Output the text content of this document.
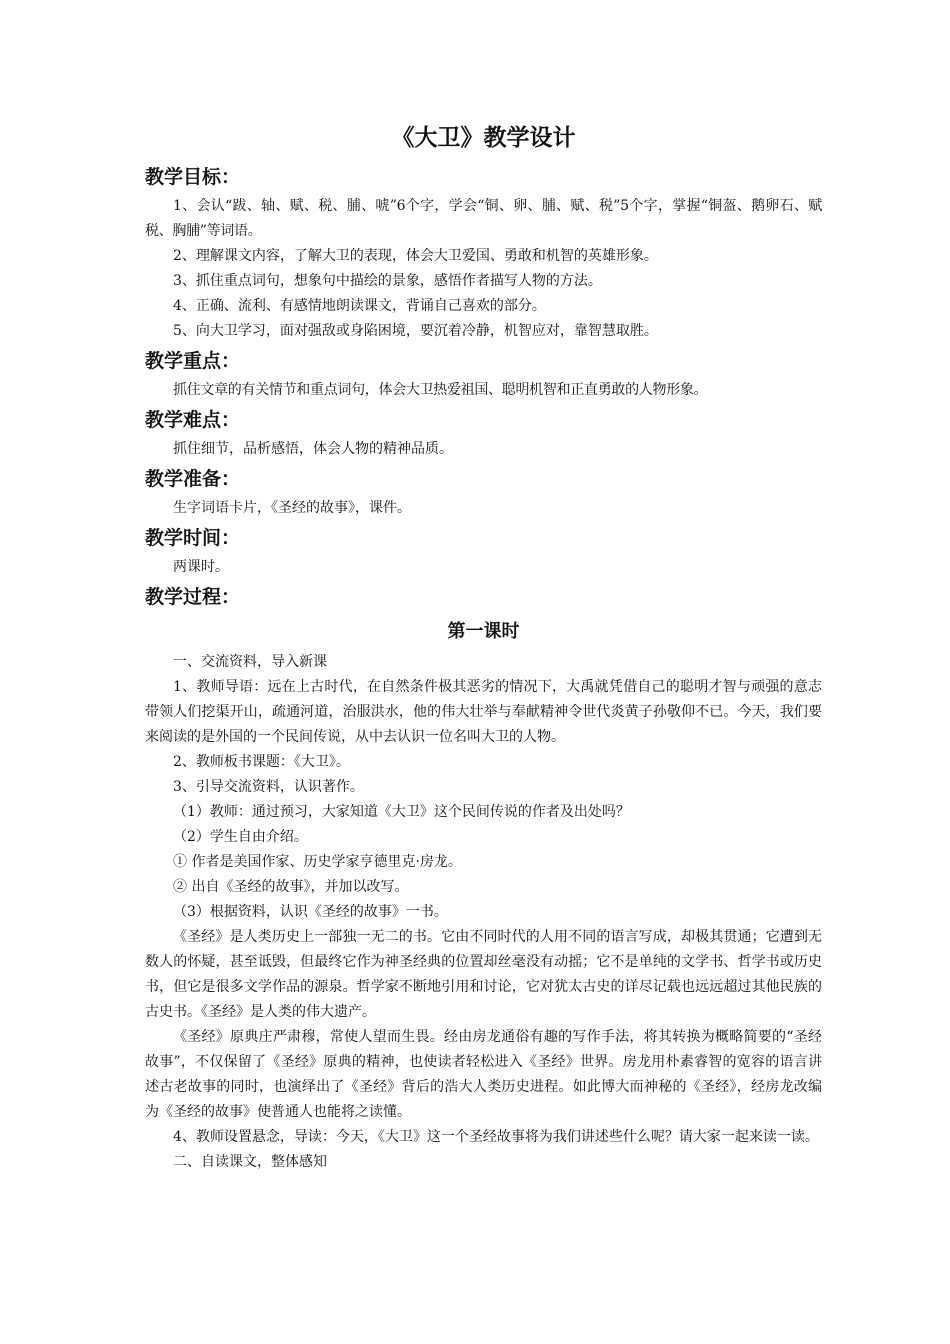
《大卫》教学设计
教学目标：

1、会认“跋、轴、赋、税、脯、唬”6个字，学会“铜、卵、脯、赋、税”5个字，掌握“铜盔、鹅卵石、赋税、胸脯”等词语。

2、理解课文内容，了解大卫的表现，体会大卫爱国、勇敢和机智的英雄形象。

3、抓住重点词句，想象句中描绘的景象，感悟作者描写人物的方法。

4、正确、流利、有感情地朗读课文，背诵自己喜欢的部分。

5、向大卫学习，面对强敌或身陷困境，要沉着冷静，机智应对，靠智慧取胜。

教学重点：

抓住文章的有关情节和重点词句，体会大卫热爱祖国、聪明机智和正直勇敢的人物形象。

教学难点：

抓住细节，品析感悟，体会人物的精神品质。

教学准备：

生字词语卡片，《圣经的故事》，课件。

教学时间：

两课时。

教学过程：
第一课时

一、交流资料，导入新课

1、教师导语：远在上古时代，在自然条件极其恶劣的情况下，大禹就凭借自己的聪明才智与顽强的意志带领人们挖渠开山，疏通河道，治服洪水，他的伟大壮举与奉献精神令世代炎黄子孙敬仰不已。今天，我们要来阅读的是外国的一个民间传说，从中去认识一位名叫大卫的人物。

2、教师板书课题：《大卫》。

3、引导交流资料，认识著作。

（1）教师：通过预习，大家知道《大卫》这个民间传说的作者及出处吗？

（2）学生自由介绍。

① 作者是美国作家、历史学家亨德里克·房龙。

② 出自《圣经的故事》，并加以改写。

（3）根据资料，认识《圣经的故事》一书。

《圣经》是人类历史上一部独一无二的书。它由不同时代的人用不同的语言写成，却极其贯通；它遭到无数人的怀疑，甚至诋毁，但最终它作为神圣经典的位置却丝毫没有动摇；它不是单纯的文学书、哲学书或历史书，但它是很多文学作品的源泉。哲学家不断地引用和讨论，它对犹太古史的详尽记载也远远超过其他民族的古史书。《圣经》是人类的伟大遗产。

《圣经》原典庄严肃穆，常使人望而生畏。经由房龙通俗有趣的写作手法，将其转换为概略简要的“圣经故事”，不仅保留了《圣经》原典的精神，也使读者轻松进入《圣经》世界。房龙用朴素睿智的宽容的语言讲述古老故事的同时，也演绎出了《圣经》背后的浩大人类历史进程。如此博大而神秘的《圣经》，经房龙改编为《圣经的故事》使普通人也能将之读懂。

4、教师设置悬念，导读：今天，《大卫》这一个圣经故事将为我们讲述些什么呢？请大家一起来读一读。

二、自读课文，整体感知
